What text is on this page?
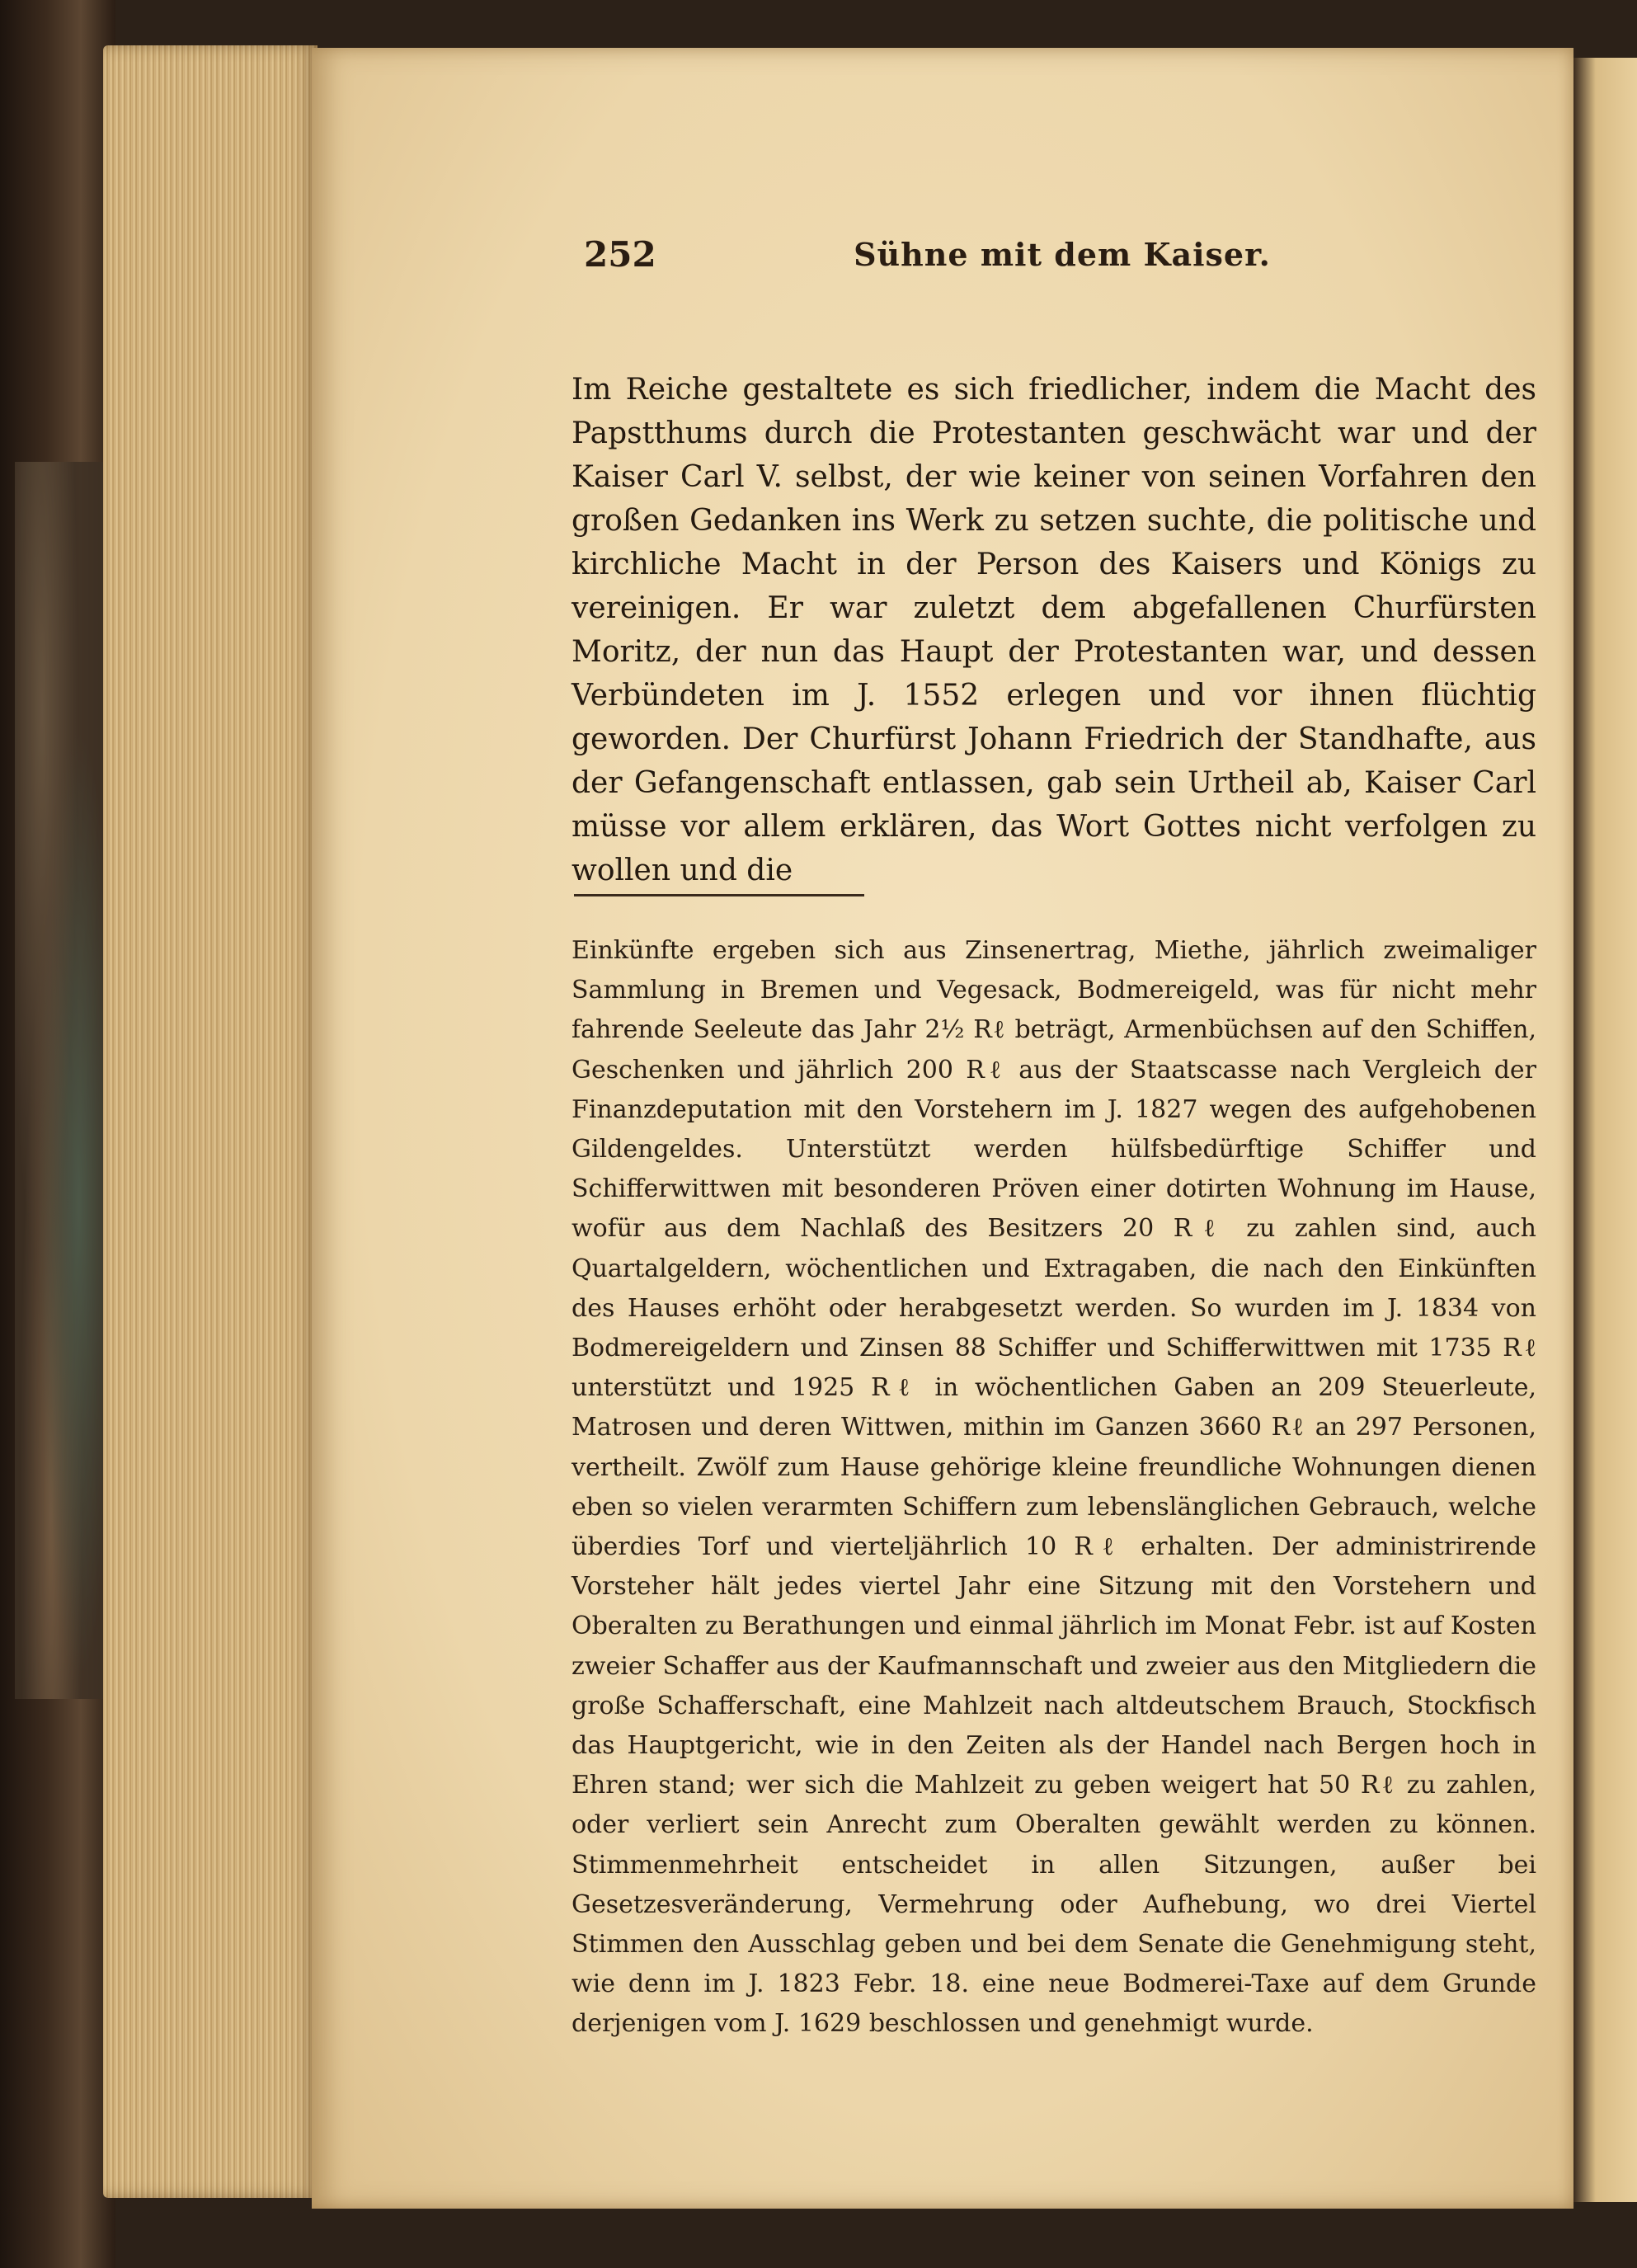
252	Sühne mit dem Kaiser.

Im Reiche gestaltete es sich friedlicher, indem die Macht des Papstthums durch die Protestanten geschwächt war und der Kaiser Carl V. selbst, der wie keiner von seinen Vorfahren den großen Gedanken ins Werk zu setzen suchte, die politische und kirchliche Macht in der Person des Kaisers und Königs zu vereinigen. Er war zuletzt dem abgefallenen Churfürsten Moritz, der nun das Haupt der Protestanten war, und dessen Verbündeten im J. 1552 erlegen und vor ihnen flüchtig geworden. Der Churfürst Johann Friedrich der Standhafte, aus der Gefangenschaft entlassen, gab sein Urtheil ab, Kaiser Carl müsse vor allem erklären, das Wort Gottes nicht verfolgen zu wollen und die

Einkünfte ergeben sich aus Zinsenertrag, Miethe, jährlich zweimaliger Sammlung in Bremen und Vegesack, Bodmereigeld, was für nicht mehr fahrende Seeleute das Jahr 2½ Rℓ beträgt, Armenbüchsen auf den Schiffen, Geschenken und jährlich 200 Rℓ aus der Staatscasse nach Vergleich der Finanzdeputation mit den Vorstehern im J. 1827 wegen des aufgehobenen Gildengeldes. Unterstützt werden hülfsbedürftige Schiffer und Schifferwittwen mit besonderen Pröven einer dotirten Wohnung im Hause, wofür aus dem Nachlaß des Besitzers 20 Rℓ zu zahlen sind, auch Quartalgeldern, wöchentlichen und Extragaben, die nach den Einkünften des Hauses erhöht oder herabgesetzt werden. So wurden im J. 1834 von Bodmereigeldern und Zinsen 88 Schiffer und Schifferwittwen mit 1735 Rℓ unterstützt und 1925 Rℓ in wöchentlichen Gaben an 209 Steuerleute, Matrosen und deren Wittwen, mithin im Ganzen 3660 Rℓ an 297 Personen, vertheilt. Zwölf zum Hause gehörige kleine freundliche Wohnungen dienen eben so vielen verarmten Schiffern zum lebenslänglichen Gebrauch, welche überdies Torf und vierteljährlich 10 Rℓ erhalten. Der administrirende Vorsteher hält jedes viertel Jahr eine Sitzung mit den Vorstehern und Oberalten zu Berathungen und einmal jährlich im Monat Febr. ist auf Kosten zweier Schaffer aus der Kaufmannschaft und zweier aus den Mitgliedern die große Schafferschaft, eine Mahlzeit nach altdeutschem Brauch, Stockfisch das Hauptgericht, wie in den Zeiten als der Handel nach Bergen hoch in Ehren stand; wer sich die Mahlzeit zu geben weigert hat 50 Rℓ zu zahlen, oder verliert sein Anrecht zum Oberalten gewählt werden zu können. Stimmenmehrheit entscheidet in allen Sitzungen, außer bei Gesetzesveränderung, Vermehrung oder Aufhebung, wo drei Viertel Stimmen den Ausschlag geben und bei dem Senate die Genehmigung steht, wie denn im J. 1823 Febr. 18. eine neue Bodmerei-Taxe auf dem Grunde derjenigen vom J. 1629 beschlossen und genehmigt wurde.
